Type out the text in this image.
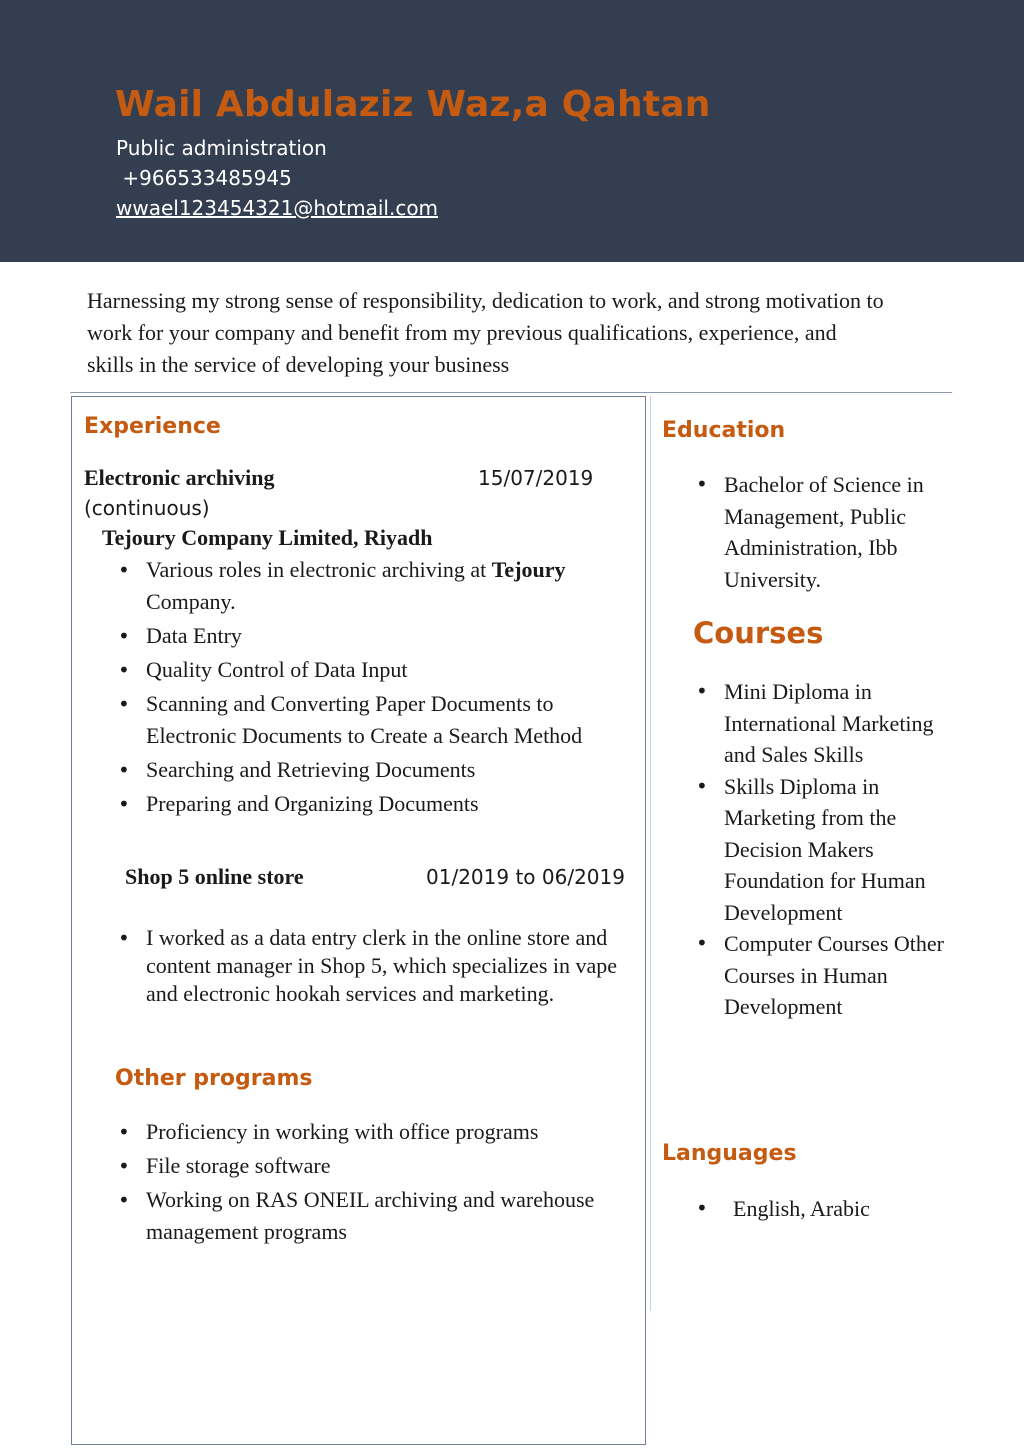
Wail Abdulaziz Waz,a Qahtan
Public administration
+966533485945
wwael123454321@hotmail.com

Harnessing my strong sense of responsibility, dedication to work, and strong motivation to work for your company and benefit from my previous qualifications, experience, and skills in the service of developing your business

Experience
Electronic archiving	15/07/2019
(continuous)
Tejoury Company Limited, Riyadh
• Various roles in electronic archiving at Tejoury Company.
• Data Entry
• Quality Control of Data Input
• Scanning and Converting Paper Documents to Electronic Documents to Create a Search Method
• Searching and Retrieving Documents
• Preparing and Organizing Documents
Shop 5 online store	01/2019 to 06/2019
• I worked as a data entry clerk in the online store and content manager in Shop 5, which specializes in vape and electronic hookah services and marketing.
Other programs
• Proficiency in working with office programs
• File storage software
• Working on RAS ONEIL archiving and warehouse management programs
Education
• Bachelor of Science in Management, Public Administration, Ibb University.
Courses
• Mini Diploma in International Marketing and Sales Skills
• Skills Diploma in Marketing from the Decision Makers Foundation for Human Development
• Computer Courses Other Courses in Human Development
Languages
• English, Arabic
